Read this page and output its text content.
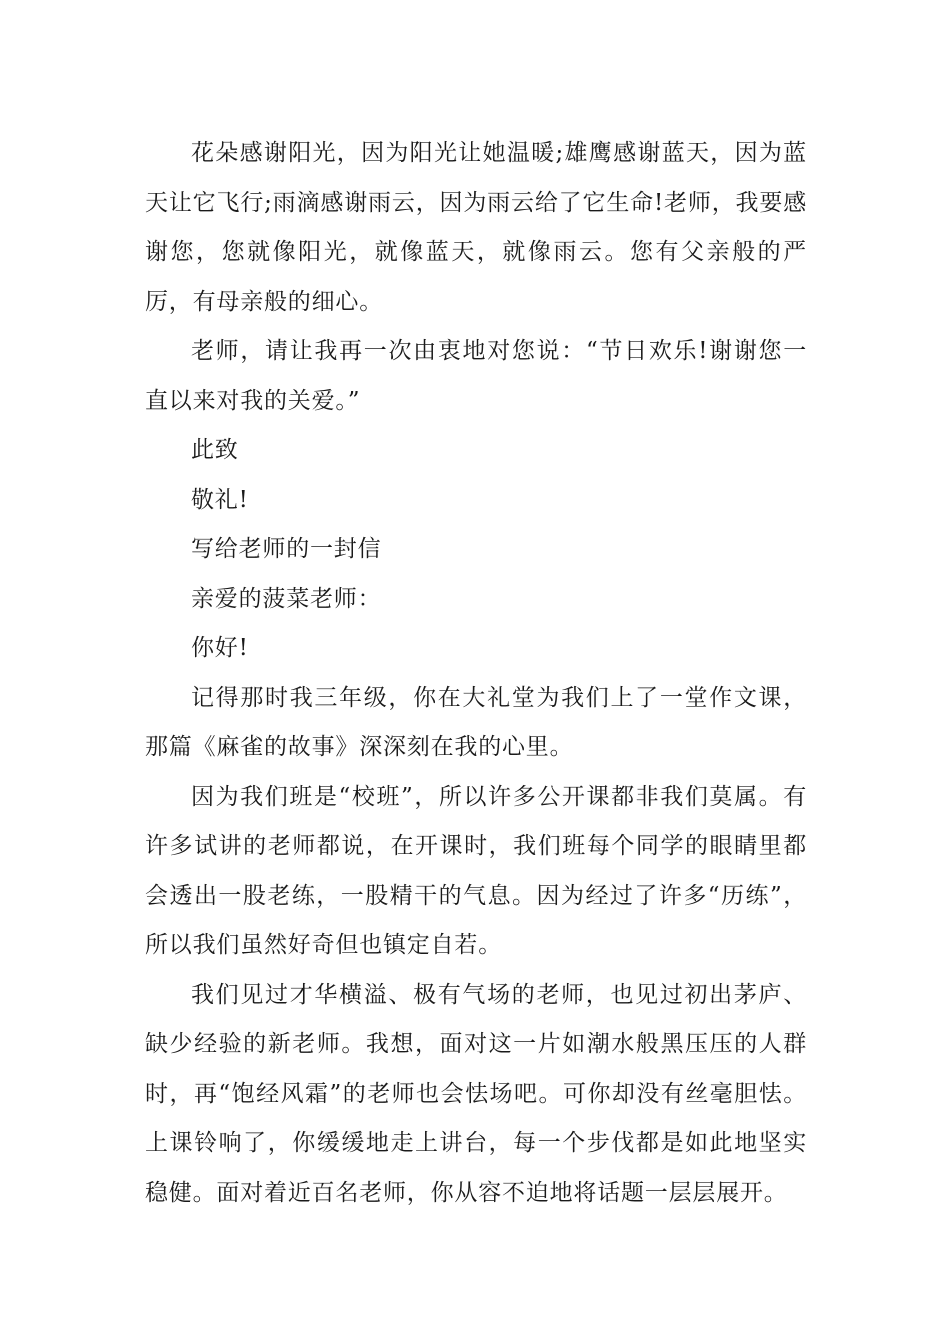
花朵感谢阳光，因为阳光让她温暖;雄鹰感谢蓝天，因为蓝天让它飞行;雨滴感谢雨云，因为雨云给了它生命!老师，我要感谢您，您就像阳光，就像蓝天，就像雨云。您有父亲般的严厉，有母亲般的细心。

老师，请让我再一次由衷地对您说：“节日欢乐!谢谢您一直以来对我的关爱。”

此致

敬礼!

写给老师的一封信

亲爱的菠菜老师：

你好!

记得那时我三年级，你在大礼堂为我们上了一堂作文课，那篇《麻雀的故事》深深刻在我的心里。

因为我们班是“校班”，所以许多公开课都非我们莫属。有许多试讲的老师都说，在开课时，我们班每个同学的眼睛里都会透出一股老练，一股精干的气息。因为经过了许多“历练”，所以我们虽然好奇但也镇定自若。

我们见过才华横溢、极有气场的老师，也见过初出茅庐、缺少经验的新老师。我想，面对这一片如潮水般黑压压的人群时，再“饱经风霜”的老师也会怯场吧。可你却没有丝毫胆怯。上课铃响了，你缓缓地走上讲台，每一个步伐都是如此地坚实稳健。面对着近百名老师，你从容不迫地将话题一层层展开。
